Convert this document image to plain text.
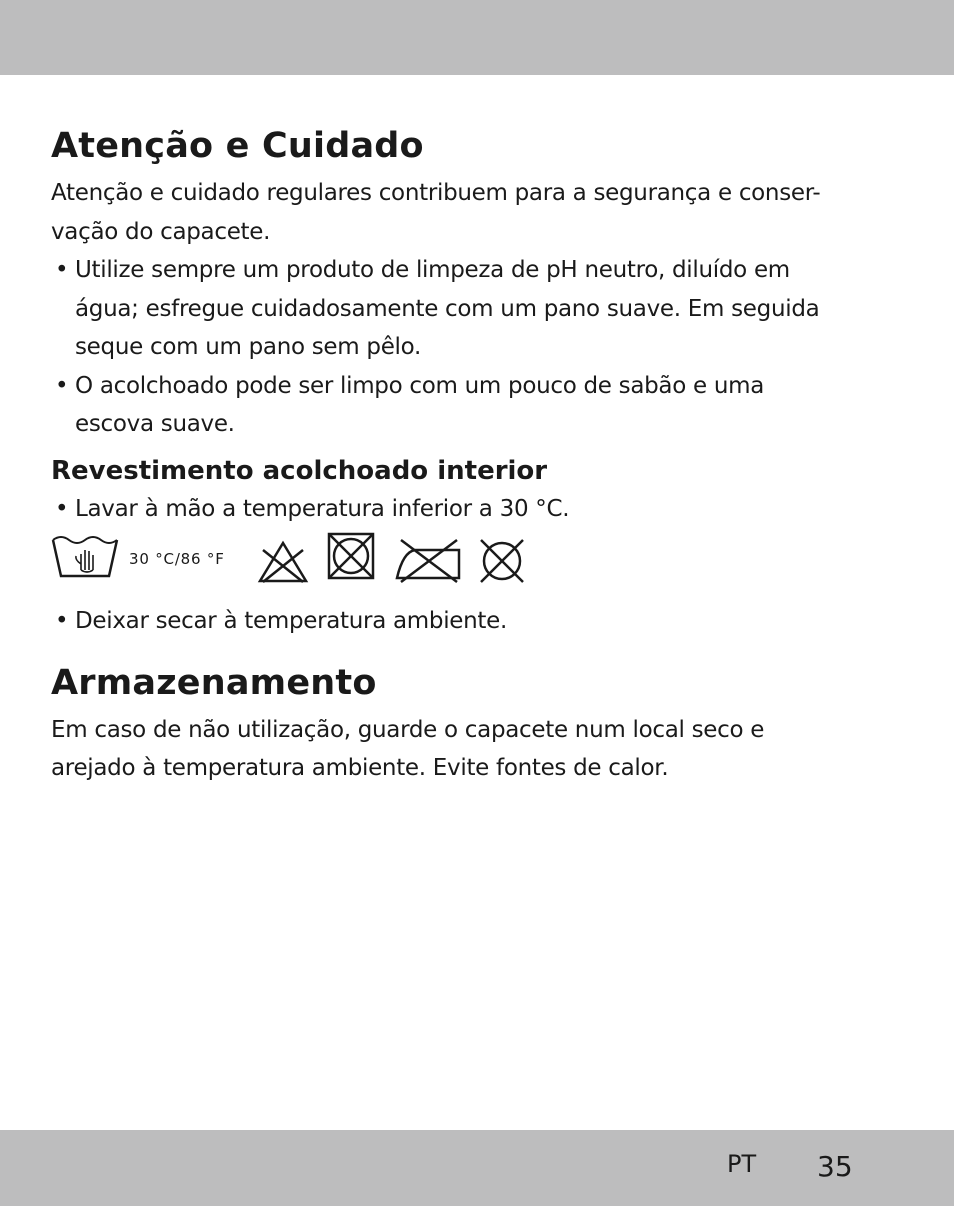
Atenção e Cuidado

Atenção e cuidado regulares contribuem para a segurança e conser-
vação do capacete.

• Utilize sempre um produto de limpeza de pH neutro, diluído em
água; esfregue cuidadosamente com um pano suave. Em seguida
seque com um pano sem pêlo.
• O acolchoado pode ser limpo com um pouco de sabão e uma
escova suave.
Revestimento acolchoado interior
• Lavar à mão a temperatura inferior a 30 °C.
30 °C/86 °F
• Deixar secar à temperatura ambiente.
Armazenamento

Em caso de não utilização, guarde o capacete num local seco e
arejado à temperatura ambiente. Evite fontes de calor.

PT 35
